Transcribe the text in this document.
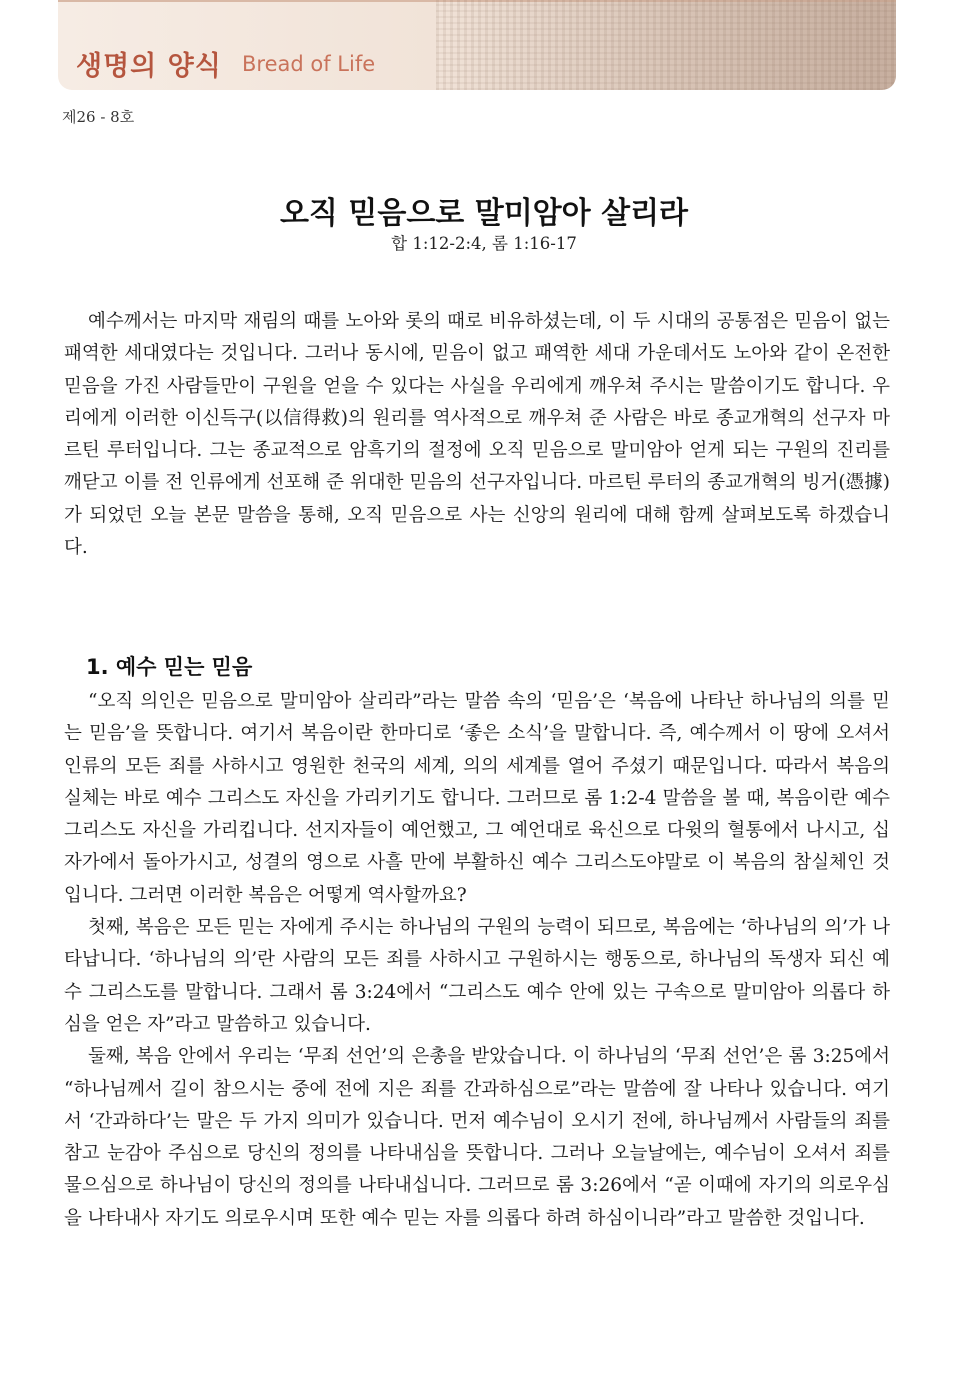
생명의 양식 Bread of Life
제26 - 8호
오직 믿음으로 말미암아 살리라
합 1:12-2:4, 롬 1:16-17

예수께서는 마지막 재림의 때를 노아와 롯의 때로 비유하셨는데, 이 두 시대의 공통점은 믿음이 없는 패역한 세대였다는 것입니다. 그러나 동시에, 믿음이 없고 패역한 세대 가운데서도 노아와 같이 온전한 믿음을 가진 사람들만이 구원을 얻을 수 있다는 사실을 우리에게 깨우쳐 주시는 말씀이기도 합니다. 우리에게 이러한 이신득구(以信得救)의 원리를 역사적으로 깨우쳐 준 사람은 바로 종교개혁의 선구자 마르틴 루터입니다. 그는 종교적으로 암흑기의 절정에 오직 믿음으로 말미암아 얻게 되는 구원의 진리를 깨닫고 이를 전 인류에게 선포해 준 위대한 믿음의 선구자입니다. 마르틴 루터의 종교개혁의 빙거(憑據)가 되었던 오늘 본문 말씀을 통해, 오직 믿음으로 사는 신앙의 원리에 대해 함께 살펴보도록 하겠습니다.

1. 예수 믿는 믿음

“오직 의인은 믿음으로 말미암아 살리라”라는 말씀 속의 ‘믿음’은 ‘복음에 나타난 하나님의 의를 믿는 믿음’을 뜻합니다. 여기서 복음이란 한마디로 ‘좋은 소식’을 말합니다. 즉, 예수께서 이 땅에 오셔서 인류의 모든 죄를 사하시고 영원한 천국의 세계, 의의 세계를 열어 주셨기 때문입니다. 따라서 복음의 실체는 바로 예수 그리스도 자신을 가리키기도 합니다. 그러므로 롬 1:2-4 말씀을 볼 때, 복음이란 예수 그리스도 자신을 가리킵니다. 선지자들이 예언했고, 그 예언대로 육신으로 다윗의 혈통에서 나시고, 십자가에서 돌아가시고, 성결의 영으로 사흘 만에 부활하신 예수 그리스도야말로 이 복음의 참실체인 것입니다. 그러면 이러한 복음은 어떻게 역사할까요?

첫째, 복음은 모든 믿는 자에게 주시는 하나님의 구원의 능력이 되므로, 복음에는 ‘하나님의 의’가 나타납니다. ‘하나님의 의’란 사람의 모든 죄를 사하시고 구원하시는 행동으로, 하나님의 독생자 되신 예수 그리스도를 말합니다. 그래서 롬 3:24에서 “그리스도 예수 안에 있는 구속으로 말미암아 의롭다 하심을 얻은 자”라고 말씀하고 있습니다.

둘째, 복음 안에서 우리는 ‘무죄 선언’의 은총을 받았습니다. 이 하나님의 ‘무죄 선언’은 롬 3:25에서 “하나님께서 길이 참으시는 중에 전에 지은 죄를 간과하심으로”라는 말씀에 잘 나타나 있습니다. 여기서 ‘간과하다’는 말은 두 가지 의미가 있습니다. 먼저 예수님이 오시기 전에, 하나님께서 사람들의 죄를 참고 눈감아 주심으로 당신의 정의를 나타내심을 뜻합니다. 그러나 오늘날에는, 예수님이 오셔서 죄를 물으심으로 하나님이 당신의 정의를 나타내십니다. 그러므로 롬 3:26에서 “곧 이때에 자기의 의로우심을 나타내사 자기도 의로우시며 또한 예수 믿는 자를 의롭다 하려 하심이니라”라고 말씀한 것입니다.
